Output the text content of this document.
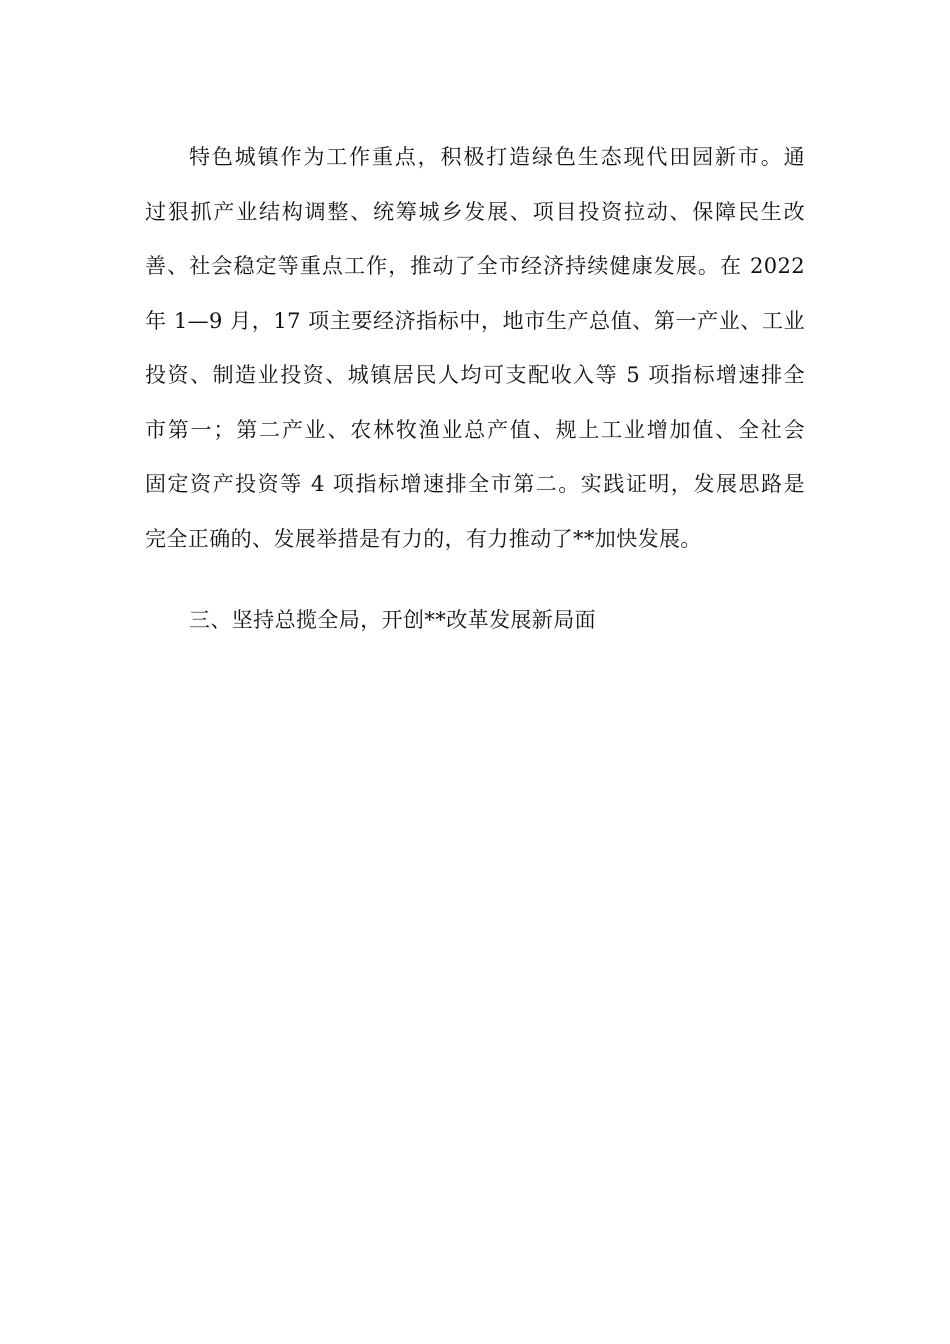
特色城镇作为工作重点，积极打造绿色生态现代田园新市。通
过狠抓产业结构调整、统筹城乡发展、项目投资拉动、保障民生改
善、社会稳定等重点工作，推动了全市经济持续健康发展。在 2022
年 1—9 月，17 项主要经济指标中，地市生产总值、第一产业、工业
投资、制造业投资、城镇居民人均可支配收入等 5 项指标增速排全
市第一；第二产业、农林牧渔业总产值、规上工业增加值、全社会
固定资产投资等 4 项指标增速排全市第二。实践证明，发展思路是
完全正确的、发展举措是有力的，有力推动了**加快发展。

三、坚持总揽全局，开创**改革发展新局面
